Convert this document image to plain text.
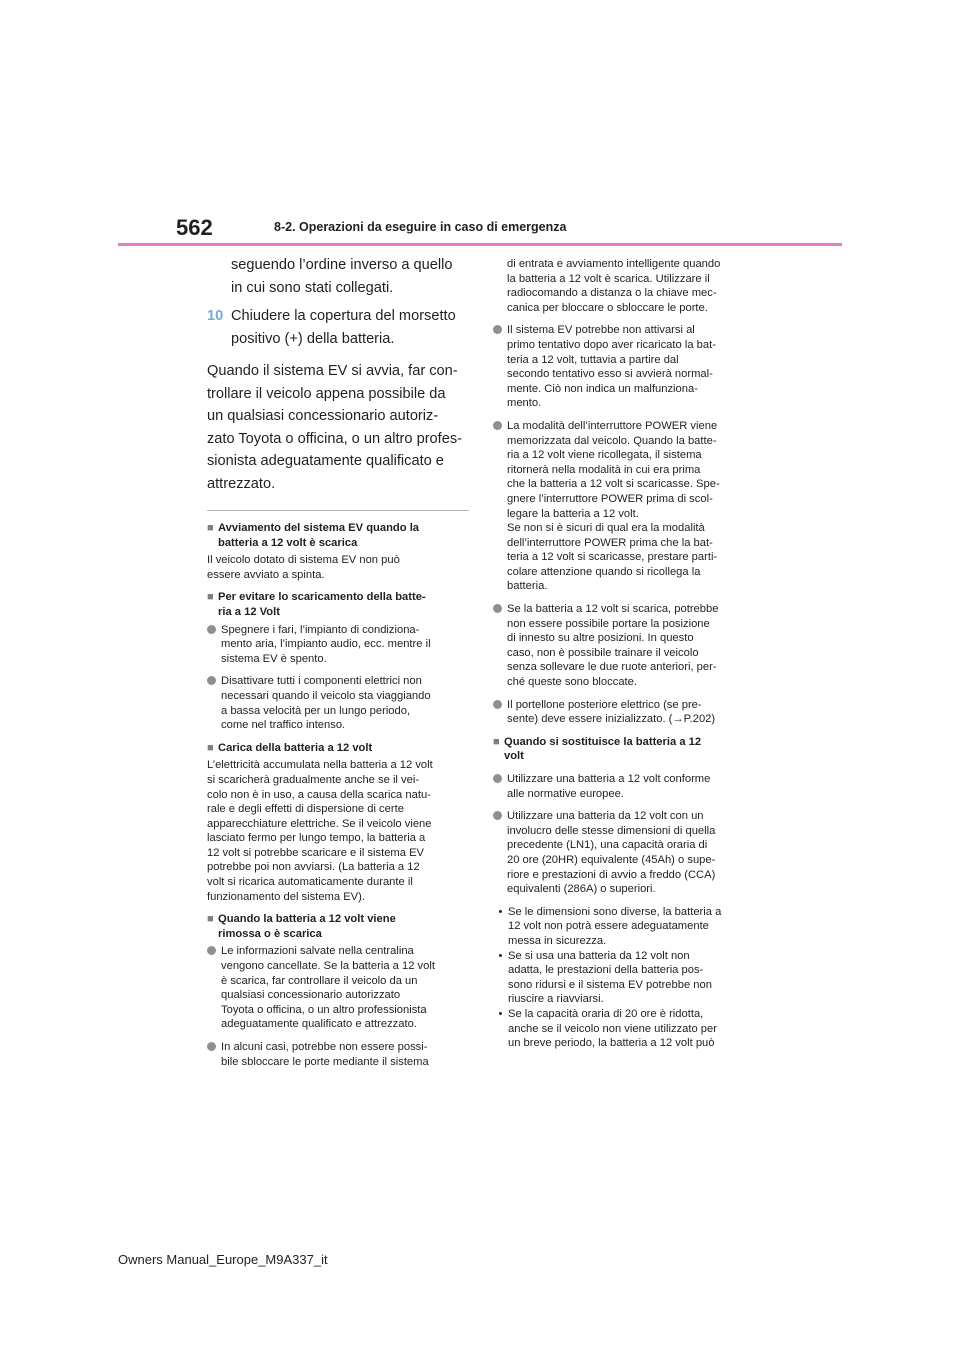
562	8-2. Operazioni da eseguire in caso di emergenza
seguendo l’ordine inverso a quello
in cui sono stati collegati.
10 Chiudere la copertura del morsetto
positivo (+) della batteria.
Quando il sistema EV si avvia, far con-
trollare il veicolo appena possibile da
un qualsiasi concessionario autoriz-
zato Toyota o officina, o un altro profes-
sionista adeguatamente qualificato e
attrezzato.
■ Avviamento del sistema EV quando la
batteria a 12 volt è scarica
Il veicolo dotato di sistema EV non può
essere avviato a spinta.
■ Per evitare lo scaricamento della batte-
ria a 12 Volt
Spegnere i fari, l’impianto di condiziona-
mento aria, l’impianto audio, ecc. mentre il
sistema EV è spento.
Disattivare tutti i componenti elettrici non
necessari quando il veicolo sta viaggiando
a bassa velocità per un lungo periodo,
come nel traffico intenso.
■ Carica della batteria a 12 volt
L’elettricità accumulata nella batteria a 12 volt
si scaricherà gradualmente anche se il vei-
colo non è in uso, a causa della scarica natu-
rale e degli effetti di dispersione di certe
apparecchiature elettriche. Se il veicolo viene
lasciato fermo per lungo tempo, la batteria a
12 volt si potrebbe scaricare e il sistema EV
potrebbe poi non avviarsi. (La batteria a 12
volt si ricarica automaticamente durante il
funzionamento del sistema EV).
■ Quando la batteria a 12 volt viene
rimossa o è scarica
Le informazioni salvate nella centralina
vengono cancellate. Se la batteria a 12 volt
è scarica, far controllare il veicolo da un
qualsiasi concessionario autorizzato
Toyota o officina, o un altro professionista
adeguatamente qualificato e attrezzato.
In alcuni casi, potrebbe non essere possi-
bile sbloccare le porte mediante il sistema
di entrata e avviamento intelligente quando
la batteria a 12 volt è scarica. Utilizzare il
radiocomando a distanza o la chiave mec-
canica per bloccare o sbloccare le porte.
Il sistema EV potrebbe non attivarsi al
primo tentativo dopo aver ricaricato la bat-
teria a 12 volt, tuttavia a partire dal
secondo tentativo esso si avvierà normal-
mente. Ciò non indica un malfunziona-
mento.
La modalità dell’interruttore POWER viene
memorizzata dal veicolo. Quando la batte-
ria a 12 volt viene ricollegata, il sistema
ritornerà nella modalità in cui era prima
che la batteria a 12 volt si scaricasse. Spe-
gnere l’interruttore POWER prima di scol-
legare la batteria a 12 volt.
Se non si è sicuri di qual era la modalità
dell’interruttore POWER prima che la bat-
teria a 12 volt si scaricasse, prestare parti-
colare attenzione quando si ricollega la
batteria.
Se la batteria a 12 volt si scarica, potrebbe
non essere possibile portare la posizione
di innesto su altre posizioni. In questo
caso, non è possibile trainare il veicolo
senza sollevare le due ruote anteriori, per-
ché queste sono bloccate.
Il portellone posteriore elettrico (se pre-
sente) deve essere inizializzato. (→P.202)
■ Quando si sostituisce la batteria a 12
volt
Utilizzare una batteria a 12 volt conforme
alle normative europee.
Utilizzare una batteria da 12 volt con un
involucro delle stesse dimensioni di quella
precedente (LN1), una capacità oraria di
20 ore (20HR) equivalente (45Ah) o supe-
riore e prestazioni di avvio a freddo (CCA)
equivalenti (286A) o superiori.
• Se le dimensioni sono diverse, la batteria a
12 volt non potrà essere adeguatamente
messa in sicurezza.
• Se si usa una batteria da 12 volt non
adatta, le prestazioni della batteria pos-
sono ridursi e il sistema EV potrebbe non
riuscire a riavviarsi.
• Se la capacità oraria di 20 ore è ridotta,
anche se il veicolo non viene utilizzato per
un breve periodo, la batteria a 12 volt può
Owners Manual_Europe_M9A337_it
